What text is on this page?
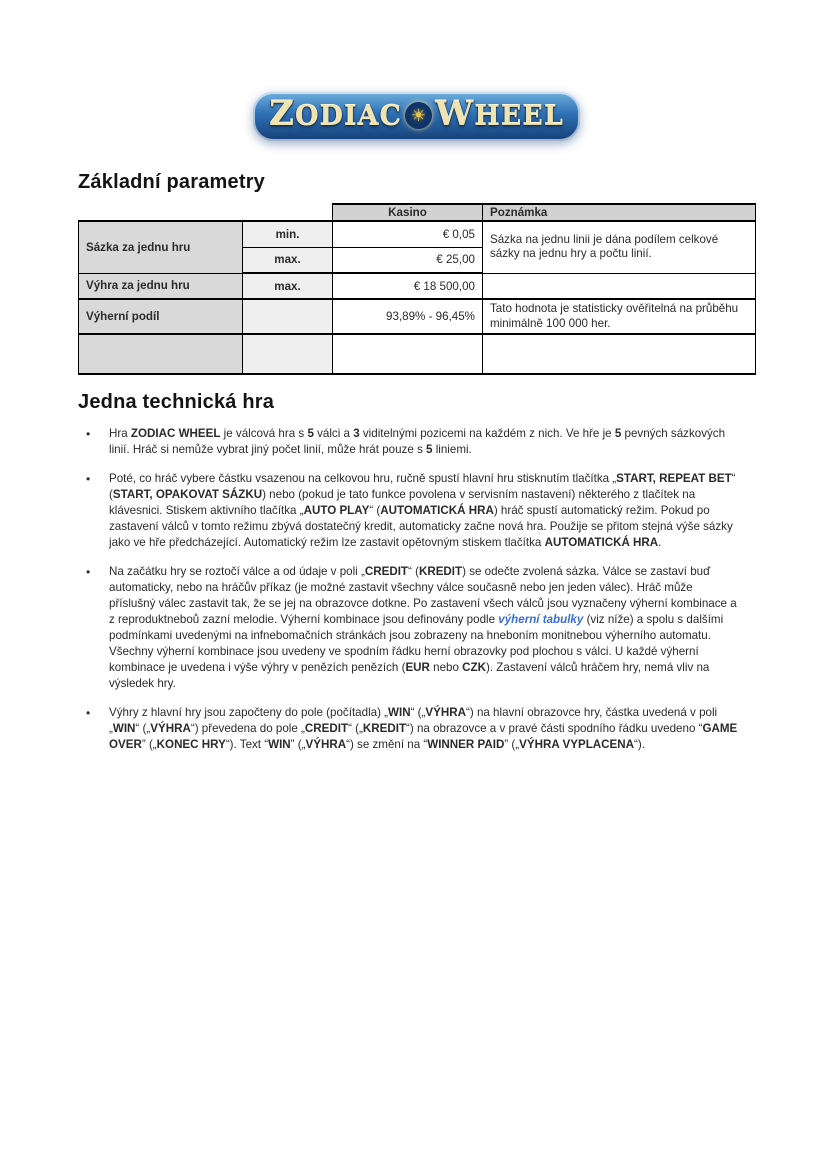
ZODIAC ☀ WHEEL
Základní parametry
		Kasino	Poznámka
Sázka za jednu hru	min.	€ 0,05	Sázka na jednu linii je dána podílem celkové sázky na jednu hry a počtu linií.
	max.	€ 25,00	
Výhra za jednu hru	max.	€ 18 500,00	
Výherní podíl		93,89% - 96,45%	Tato hodnota je statisticky ověřitelná na průběhu minimálně 100 000 her.

Jedna technická hra
• Hra ZODIAC WHEEL je válcová hra s 5 válci a 3 viditelnými pozicemi na každém z nich. Ve hře je 5 pevných sázkových linií. Hráč si nemůže vybrat jiný počet linií, může hrát pouze s 5 liniemi.
• Poté, co hráč vybere částku vsazenou na celkovou hru, ručně spustí hlavní hru stisknutím tlačítka „START, REPEAT BET“ (START, OPAKOVAT SÁZKU) nebo (pokud je tato funkce povolena v servisním nastavení) některého z tlačítek na klávesnici. Stiskem aktivního tlačítka „AUTO PLAY“ (AUTOMATICKÁ HRA) hráč spustí automatický režim. Pokud po zastavení válců v tomto režimu zbývá dostatečný kredit, automaticky začne nová hra. Použije se přitom stejná výše sázky jako ve hře předcházející. Automatický režim lze zastavit opětovným stiskem tlačítka AUTOMATICKÁ HRA.
• Na začátku hry se roztočí válce a od údaje v poli „CREDIT“ (KREDIT) se odečte zvolená sázka. Válce se zastaví buď automaticky, nebo na hráčův příkaz (je možné zastavit všechny válce současně nebo jen jeden válec). Hráč může příslušný válec zastavit tak, že se jej na obrazovce dotkne. Po zastavení všech válců jsou vyznačeny výherní kombinace a z reproduktneboů zazní melodie. Výherní kombinace jsou definovány podle výherní tabulky (viz níže) a spolu s dalšími podmínkami uvedenými na infnebomačních stránkách jsou zobrazeny na hneboním monitnebou výherního automatu. Všechny výherní kombinace jsou uvedeny ve spodním řádku herní obrazovky pod plochou s válci. U každé výherní kombinace je uvedena i výše výhry v penězích penězích (EUR nebo CZK). Zastavení válců hráčem hry, nemá vliv na výsledek hry.
• Výhry z hlavní hry jsou započteny do pole (počítadla) „WIN“ („VÝHRA“) na hlavní obrazovce hry, částka uvedená v poli „WIN“ („VÝHRA“) převedena do pole „CREDIT“ („KREDIT“) na obrazovce a v pravé části spodního řádku uvedeno “GAME OVER” („KONEC HRY“). Text “WIN” („VÝHRA“) se změní na “WINNER PAID” („VÝHRA VYPLACENA“).
